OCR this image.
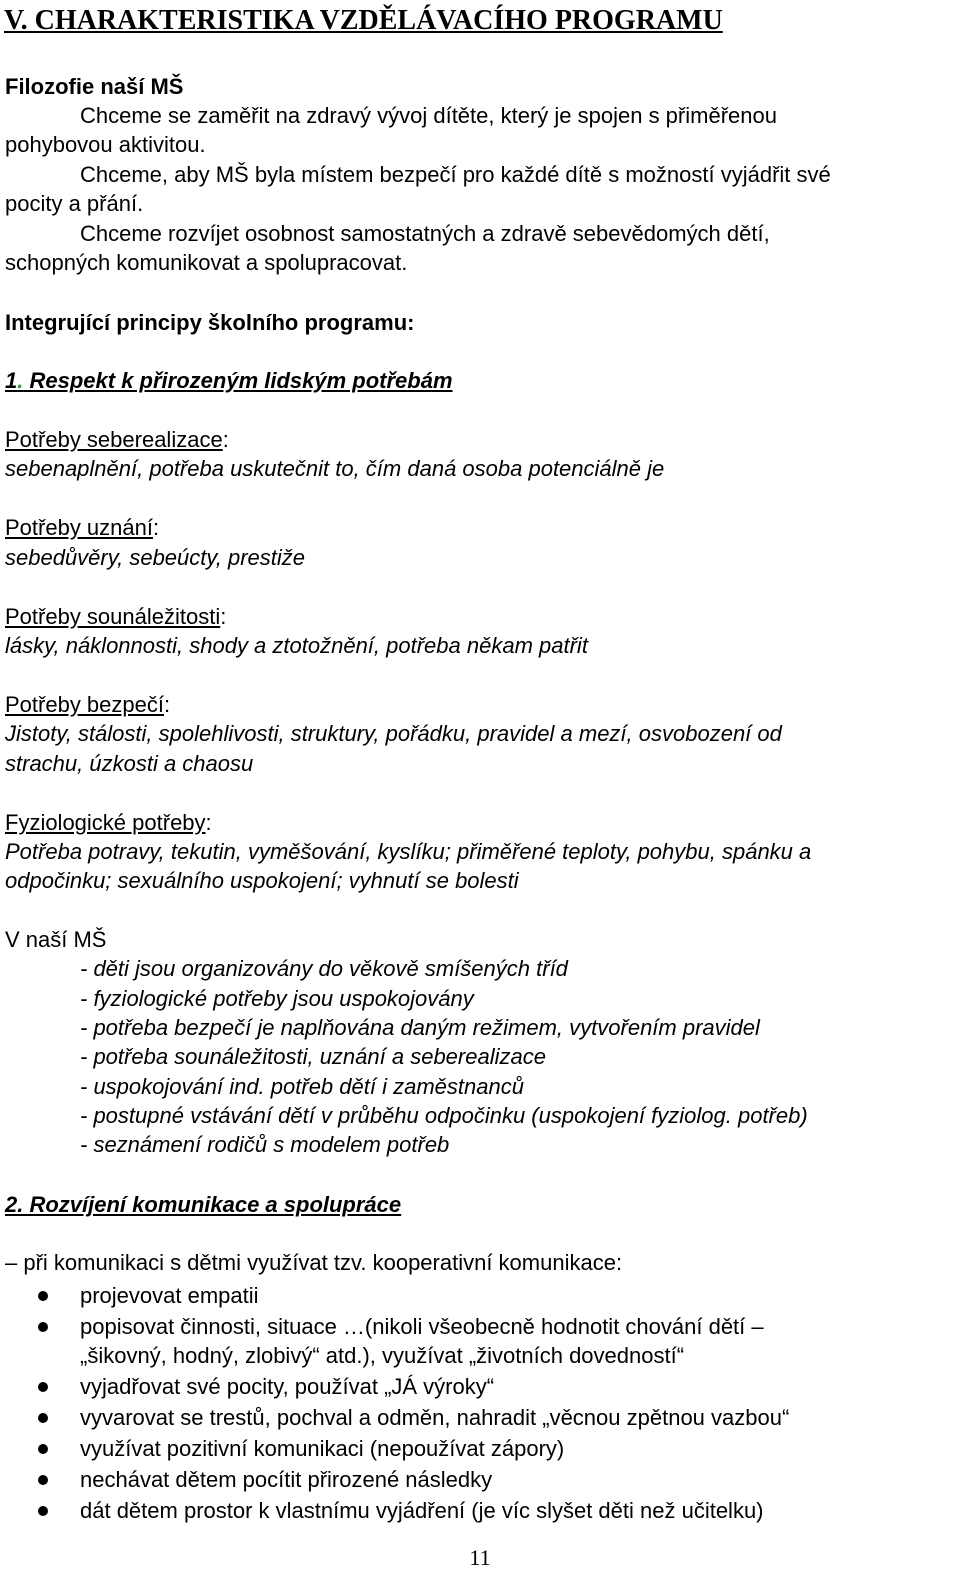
V. CHARAKTERISTIKA VZDĚLÁVACÍHO PROGRAMU
Filozofie naší MŠ
Chceme se zaměřit na zdravý vývoj dítěte, který je spojen s přiměřenou
pohybovou aktivitou.
Chceme, aby MŠ byla místem bezpečí pro každé dítě s možností vyjádřit své
pocity a přání.
Chceme rozvíjet osobnost samostatných a zdravě sebevědomých dětí,
schopných komunikovat a spolupracovat.
Integrující principy školního programu:
1. Respekt k přirozeným lidským potřebám
Potřeby seberealizace:
sebenaplnění, potřeba uskutečnit to, čím daná osoba potenciálně je
Potřeby uznání:
sebedůvěry, sebeúcty, prestiže
Potřeby sounáležitosti:
lásky, náklonnosti, shody a ztotožnění, potřeba někam patřit
Potřeby bezpečí:
Jistoty, stálosti, spolehlivosti, struktury, pořádku, pravidel a mezí, osvobození od
strachu, úzkosti a chaosu
Fyziologické potřeby:
Potřeba potravy, tekutin, vyměšování, kyslíku; přiměřené teploty, pohybu, spánku a
odpočinku; sexuálního uspokojení; vyhnutí se bolesti
V naší MŠ
- děti jsou organizovány do věkově smíšených tříd
- fyziologické potřeby jsou uspokojovány
- potřeba bezpečí je naplňována daným režimem, vytvořením pravidel
- potřeba sounáležitosti, uznání a seberealizace
- uspokojování ind. potřeb dětí i zaměstnanců
- postupné vstávání dětí v průběhu odpočinku (uspokojení fyziolog. potřeb)
- seznámení rodičů s modelem potřeb
2. Rozvíjení komunikace a spolupráce
– při komunikaci s dětmi využívat tzv. kooperativní komunikace:
projevovat empatii
popisovat činnosti, situace …(nikoli všeobecně hodnotit chování dětí –
„šikovný, hodný, zlobivý“ atd.), využívat „životních dovedností“
vyjadřovat své pocity, používat „JÁ výroky“
vyvarovat se trestů, pochval a odměn, nahradit „věcnou zpětnou vazbou“
využívat pozitivní komunikaci (nepoužívat zápory)
nechávat dětem pocítit přirozené následky
dát dětem prostor k vlastnímu vyjádření (je víc slyšet děti než učitelku)
11
